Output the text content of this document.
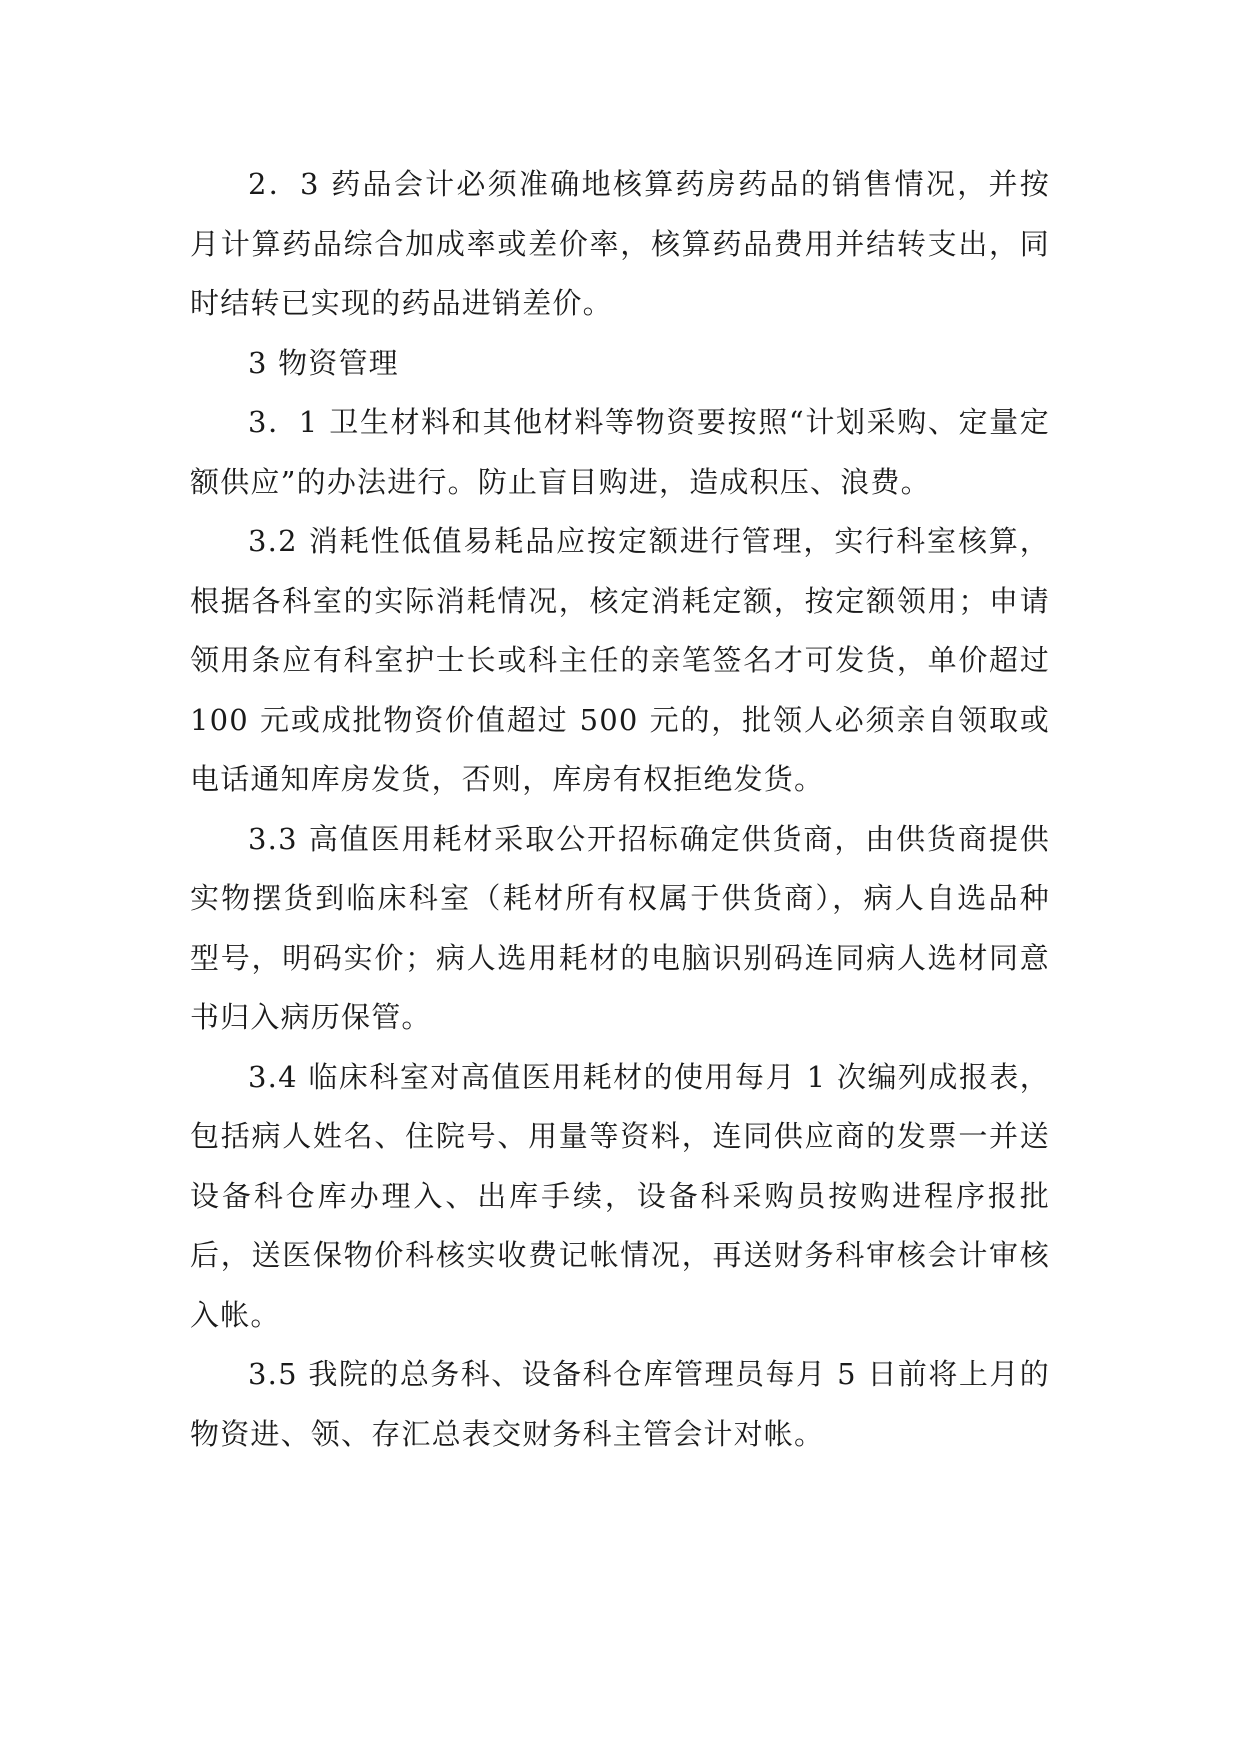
2．3 药品会计必须准确地核算药房药品的销售情况，并按月计算药品综合加成率或差价率，核算药品费用并结转支出，同时结转已实现的药品进销差价。

3 物资管理

3．1 卫生材料和其他材料等物资要按照“计划采购、定量定额供应”的办法进行。防止盲目购进，造成积压、浪费。

3.2 消耗性低值易耗品应按定额进行管理，实行科室核算，根据各科室的实际消耗情况，核定消耗定额，按定额领用；申请领用条应有科室护士长或科主任的亲笔签名才可发货，单价超过 100 元或成批物资价值超过 500 元的，批领人必须亲自领取或电话通知库房发货，否则，库房有权拒绝发货。

3.3 高值医用耗材采取公开招标确定供货商，由供货商提供实物摆货到临床科室（耗材所有权属于供货商），病人自选品种型号，明码实价；病人选用耗材的电脑识别码连同病人选材同意书归入病历保管。

3.4 临床科室对高值医用耗材的使用每月 1 次编列成报表，包括病人姓名、住院号、用量等资料，连同供应商的发票一并送设备科仓库办理入、出库手续，设备科采购员按购进程序报批后，送医保物价科核实收费记帐情况，再送财务科审核会计审核入帐。

3.5 我院的总务科、设备科仓库管理员每月 5 日前将上月的物资进、领、存汇总表交财务科主管会计对帐。
